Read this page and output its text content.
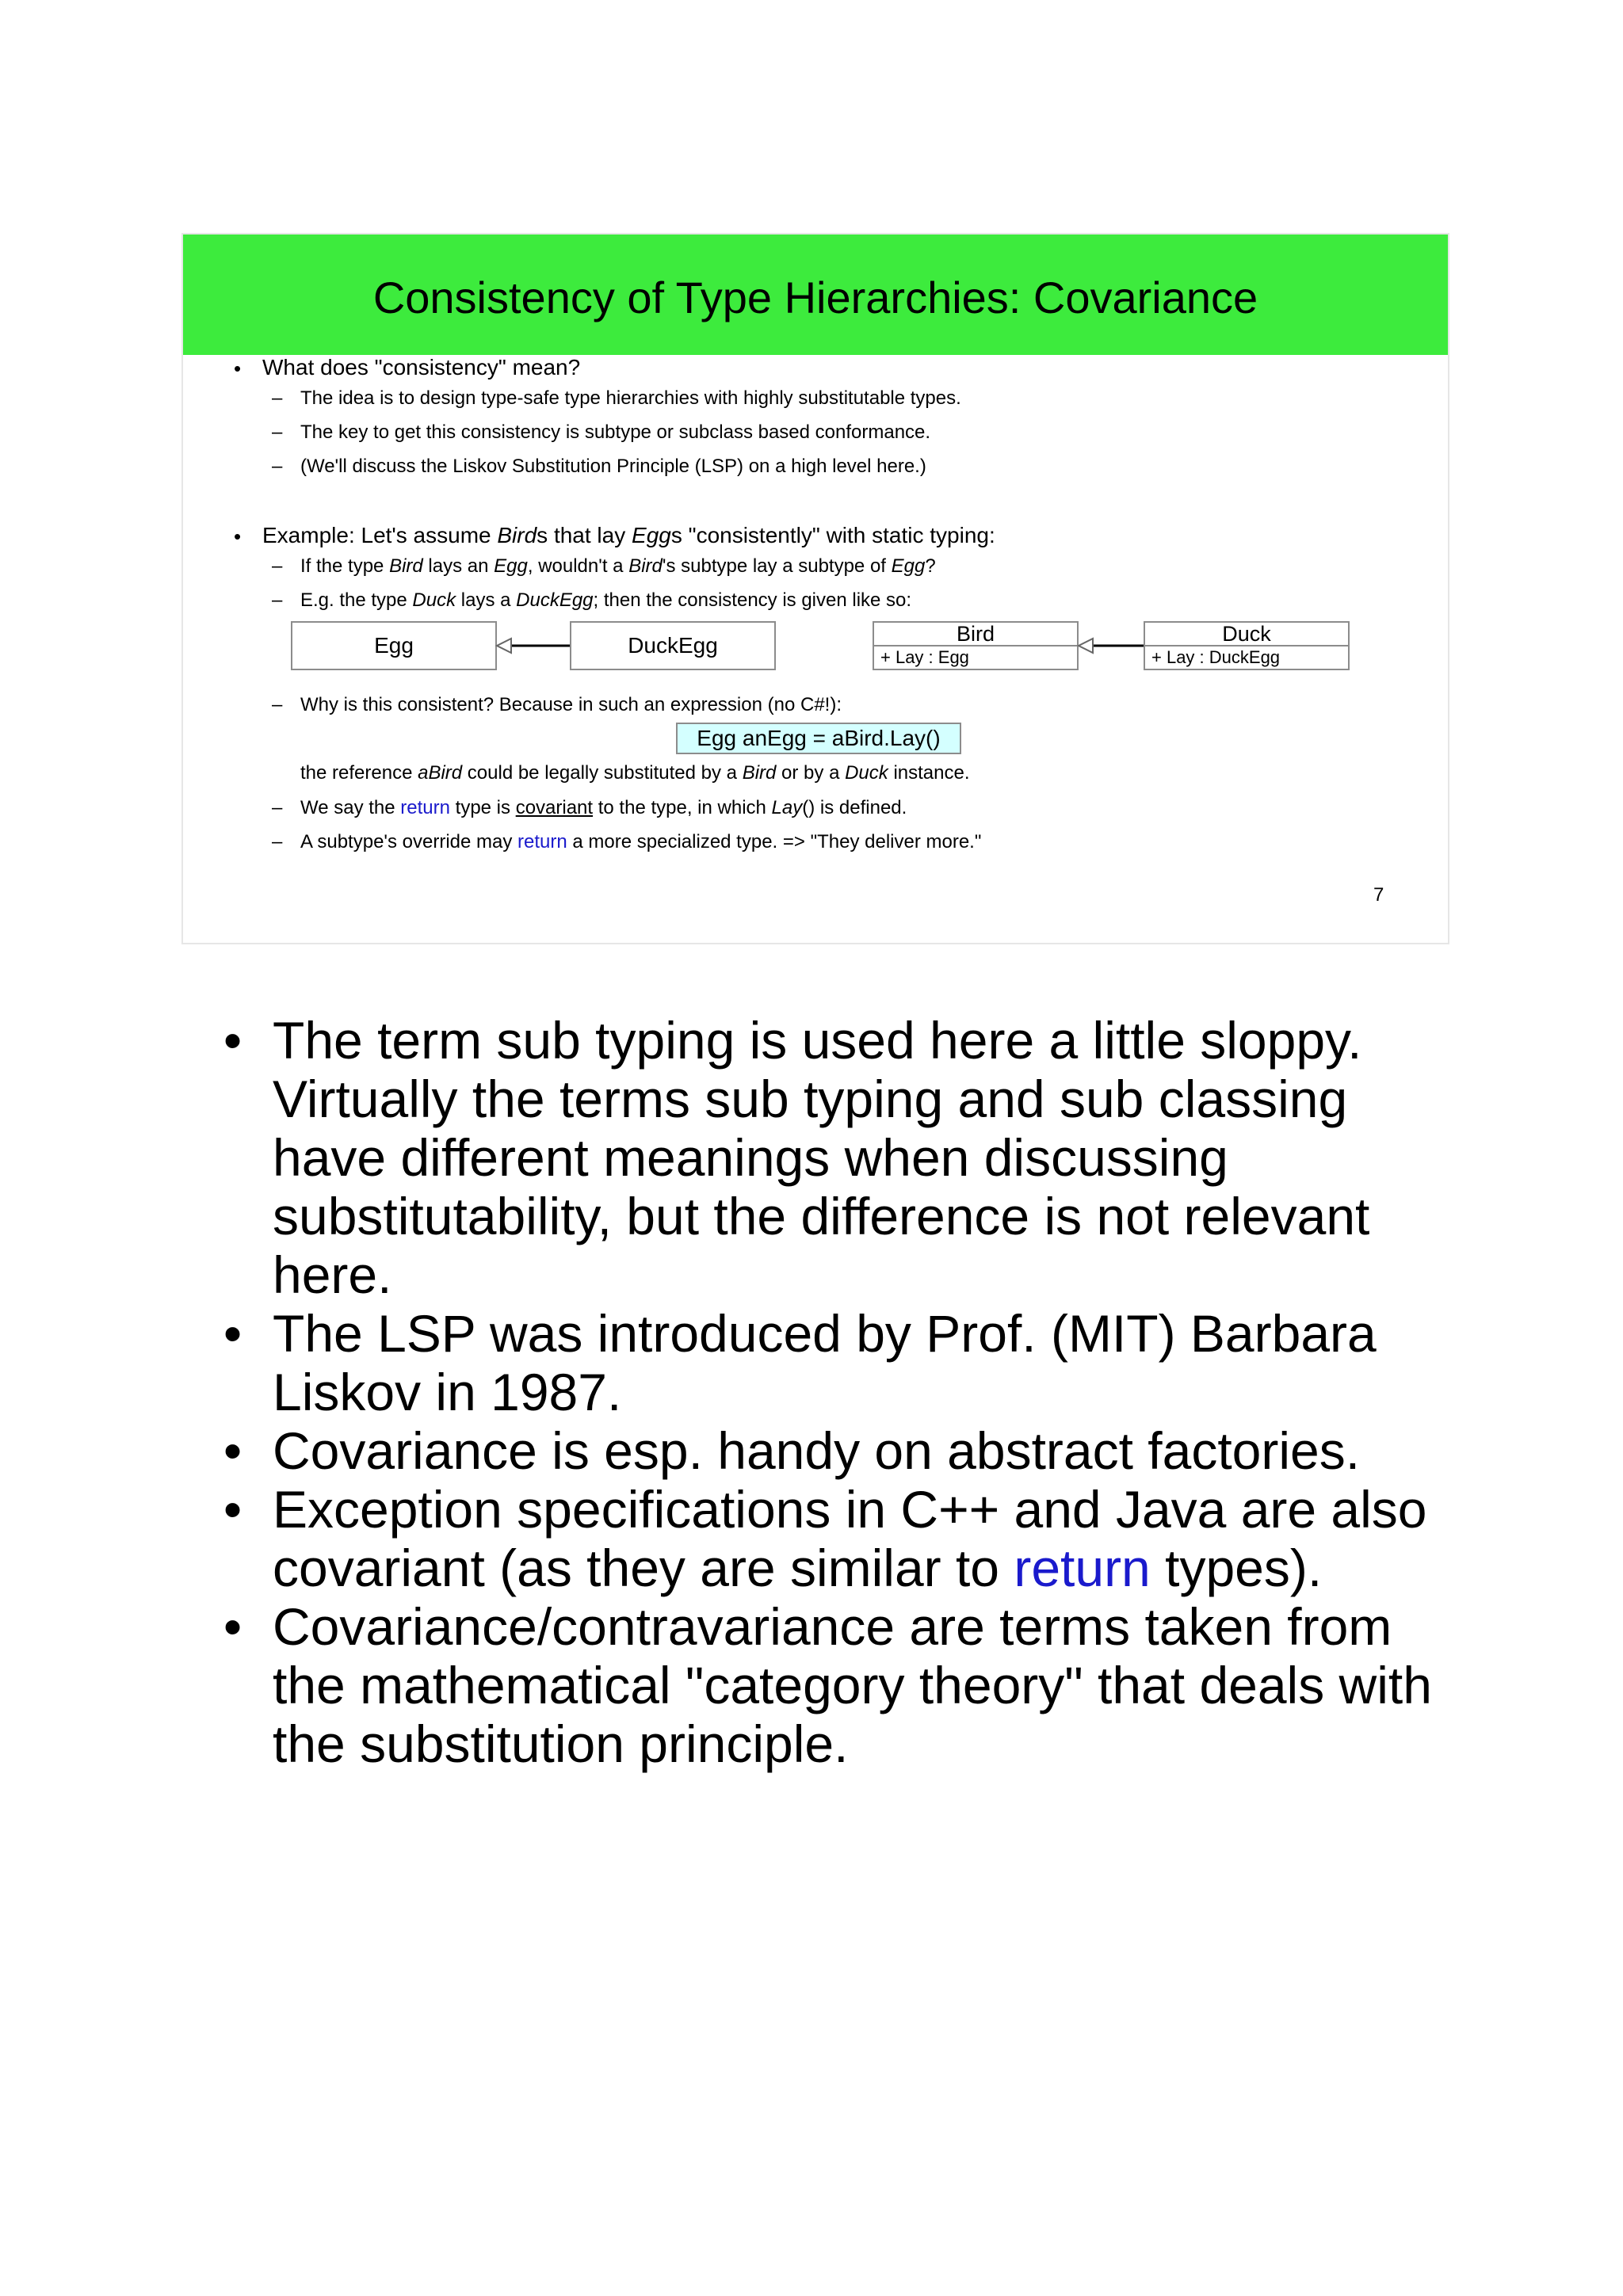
Consistency of Type Hierarchies: Covariance
• What does "consistency" mean?
– The idea is to design type-safe type hierarchies with highly substitutable types.
– The key to get this consistency is subtype or subclass based conformance.
– (We'll discuss the Liskov Substitution Principle (LSP) on a high level here.)
• Example: Let's assume Birds that lay Eggs "consistently" with static typing:
– If the type Bird lays an Egg, wouldn't a Bird's subtype lay a subtype of Egg?
– E.g. the type Duck lays a DuckEgg; then the consistency is given like so:
Egg	DuckEgg	Bird
+ Lay : Egg
Duck
+ Lay : DuckEgg
– Why is this consistent? Because in such an expression (no C#!):
Egg anEgg = aBird.Lay()
the reference aBird could be legally substituted by a Bird or by a Duck instance.
– We say the return type is covariant to the type, in which Lay() is defined.
– A subtype's override may return a more specialized type. => "They deliver more."
7
• The term sub typing is used here a little sloppy. Virtually the terms sub typing and sub classing have different meanings when discussing substitutability, but the difference is not relevant here.
• The LSP was introduced by Prof. (MIT) Barbara Liskov in 1987.
• Covariance is esp. handy on abstract factories.
• Exception specifications in C++ and Java are also covariant (as they are similar to return types).
• Covariance/contravariance are terms taken from the mathematical "category theory" that deals with the substitution principle.
